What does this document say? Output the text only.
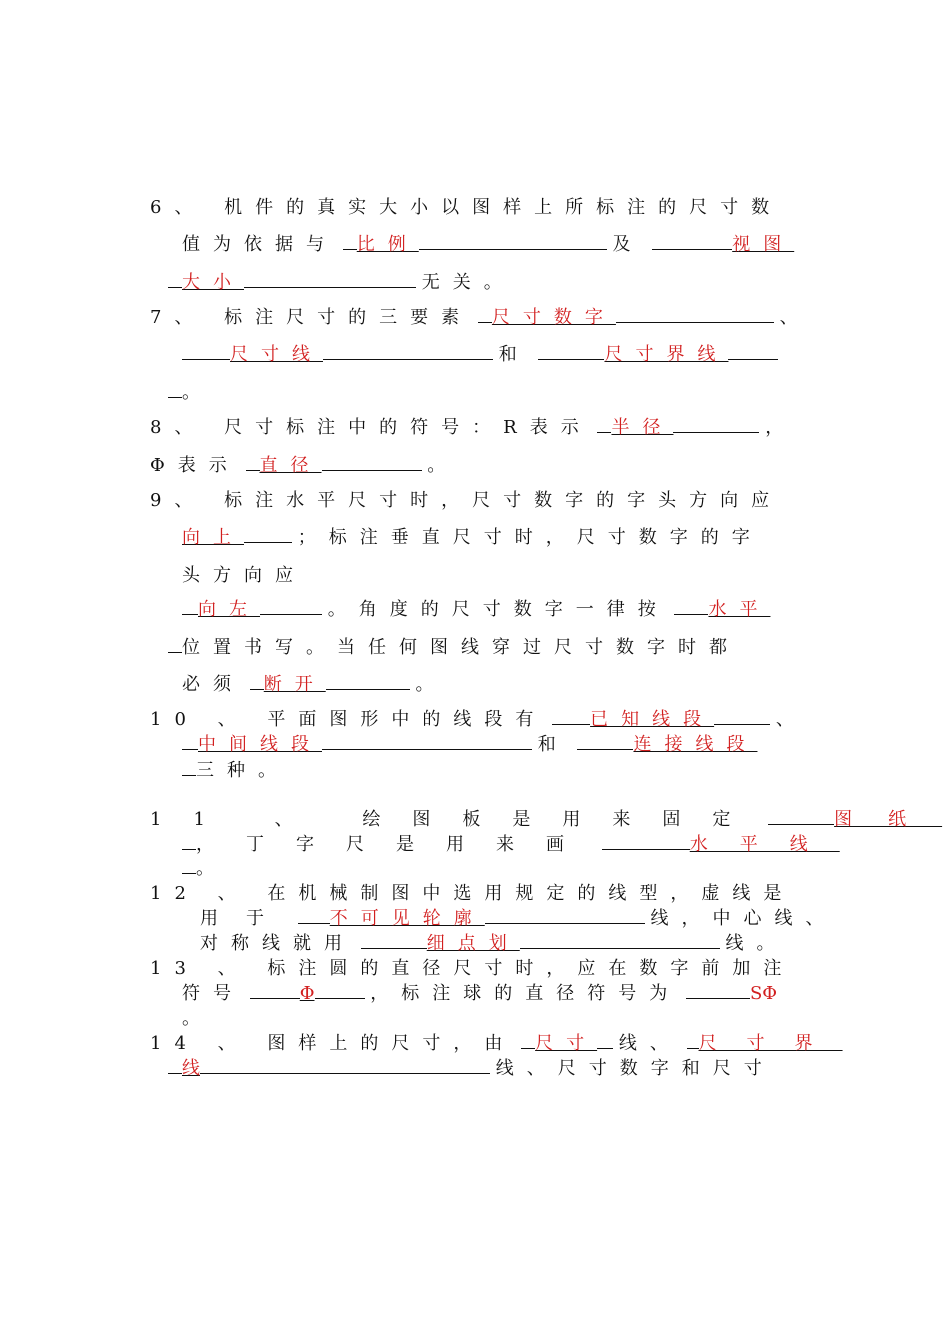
6、 机件的真实大小以图样上所标注的尺寸数
值为依据与 比例	及	视图
大小	无关。
7、 标注尺寸的三要素 尺寸数字	、
尺寸线	和	尺寸界线
。
8、 尺寸标注中的符号：R表示 半径	，
Φ表示 直径	。
9、 标注水平尺寸时，尺寸数字的字头方向应
向上	；标注垂直尺寸时，尺寸数字的字
头方向应
向左	。角度的尺寸数字一律按 水平
位置书写。当任何图线穿过尺寸数字时都
必须 断开	。
10 、 平面图形中的线段有 已知线段	、
中间线段	和	连接线段
三种。
11 、 绘图板是用来固定	图纸
，丁字尺是用来画	水平线
。
12 、 在机械制图中选用规定的线型，虚线是
用于 不可见轮廓	线，中心线、
对称线就用	细点划	线。
13 、 标注圆的直径尺寸时，应在数字前加注
符号	Φ	，标注球的直径符号为	SΦ
。
14 、 图样上的尺寸，由 尺寸 线、 尺寸界
线	线、尺寸数字和尺寸
